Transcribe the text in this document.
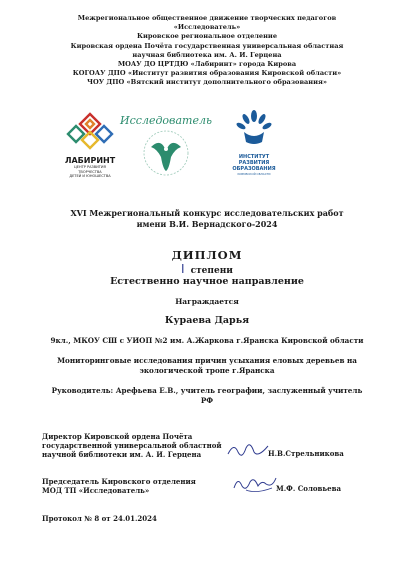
Межрегиональное общественное движение творческих педагогов
«Исследователь»
Кировское региональное отделение
Кировская ордена Почёта государственная универсальная областная
научная библиотека им. А. И. Герцена
МОАУ ДО ЦРТДЮ «Лабиринт» города Кирова
КОГОАУ ДПО «Институт развития образования Кировской области»
ЧОУ ДПО «Вятский институт дополнительного образования»
ЛАБИРИНТ
ЦЕНТР РАЗВИТИЯ ТВОРЧЕСТВА
ДЕТЕЙ И ЮНОШЕСТВА
Исследователь
ИНСТИТУТ РАЗВИТИЯ
ОБРАЗОВАНИЯ
КИРОВСКОЙ ОБЛАСТИ
XVI Межрегиональный конкурс исследовательских работ
имени В.И. Вернадского-2024
ДИПЛОМ
I степени
Естественно научное направление
Награждается
Кураева Дарья
9кл., МКОУ СШ с УИОП №2 им. А.Жаркова г.Яранска Кировской области
Мониторинговые исследования причин усыхания еловых деревьев на
экологической тропе г.Яранска
Руководитель: Арефьева Е.В., учитель географии, заслуженный учитель
РФ
Директор Кировской ордена Почёта
государственной универсальной областной
научной библиотеки им. А. И. Герцена	Н.В.Стрельникова
Председатель Кировского отделения
МОД ТП «Исследователь»	М.Ф. Соловьева
Протокол № 8 от 24.01.2024
